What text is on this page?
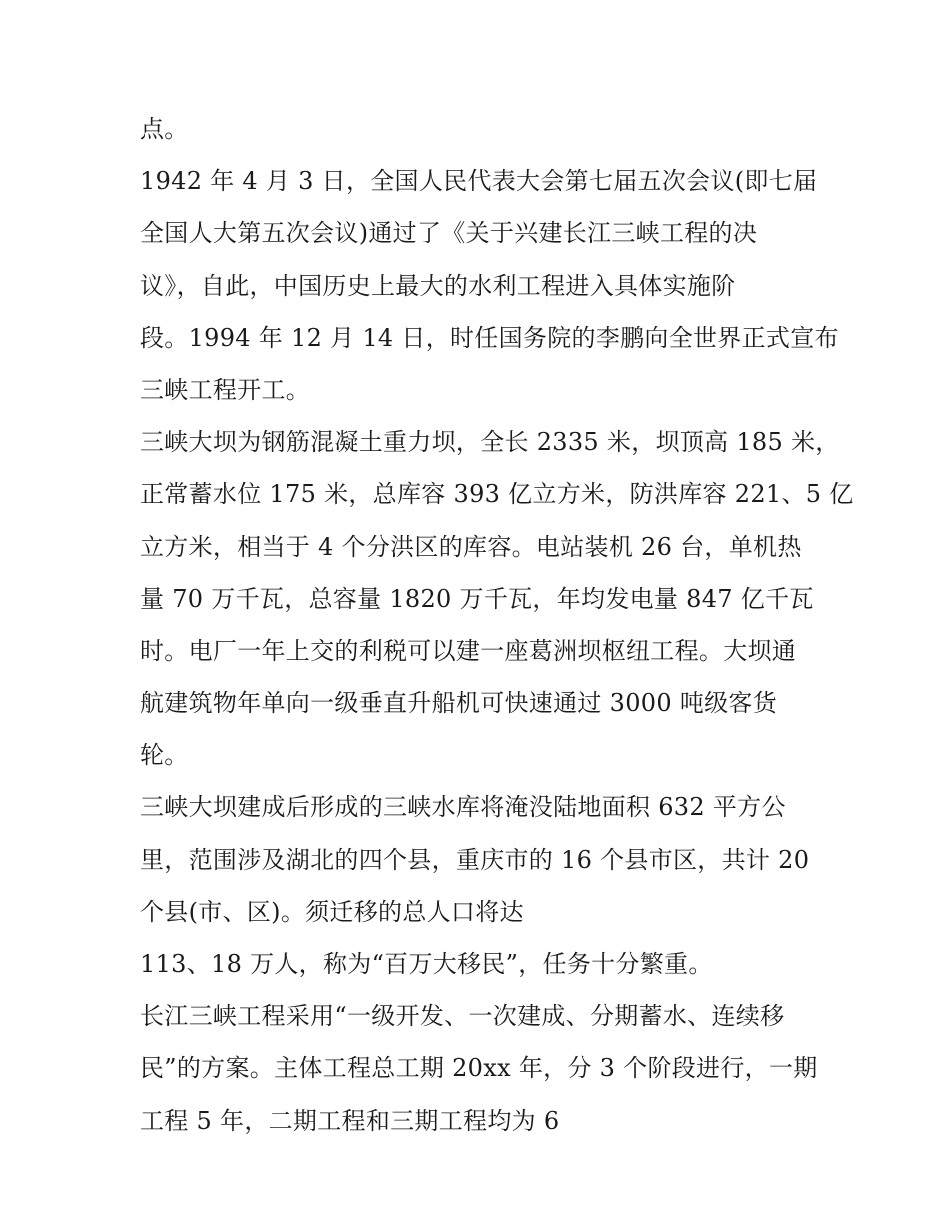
点。
1942 年 4 月 3 日，全国人民代表大会第七届五次会议(即七届
全国人大第五次会议)通过了《关于兴建长江三峡工程的决
议》，自此，中国历史上最大的水利工程进入具体实施阶
段。1994 年 12 月 14 日，时任国务院的李鹏向全世界正式宣布
三峡工程开工。
三峡大坝为钢筋混凝土重力坝，全长 2335 米，坝顶高 185 米，
正常蓄水位 175 米，总库容 393 亿立方米，防洪库容 221、5 亿
立方米，相当于 4 个分洪区的库容。电站装机 26 台，单机热
量 70 万千瓦，总容量 1820 万千瓦，年均发电量 847 亿千瓦
时。电厂一年上交的利税可以建一座葛洲坝枢纽工程。大坝通
航建筑物年单向一级垂直升船机可快速通过 3000 吨级客货
轮。
三峡大坝建成后形成的三峡水库将淹没陆地面积 632 平方公
里，范围涉及湖北的四个县，重庆市的 16 个县市区，共计 20
个县(市、区)。须迁移的总人口将达
113、18 万人，称为“百万大移民”，任务十分繁重。
长江三峡工程采用“一级开发、一次建成、分期蓄水、连续移
民”的方案。主体工程总工期 20xx 年，分 3 个阶段进行，一期
工程 5 年，二期工程和三期工程均为 6
